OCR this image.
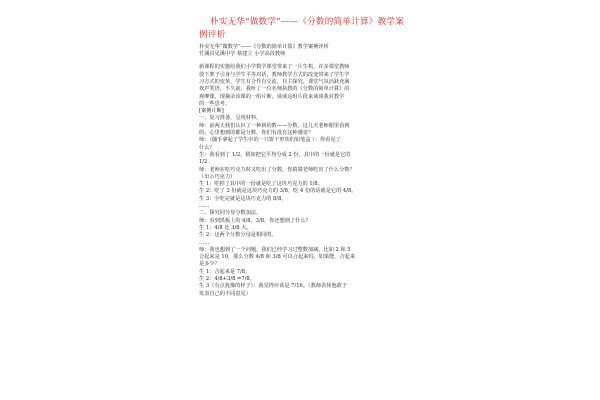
朴实无华“做数学”——《分数的简单计算》教学案例评析

朴实无华“做数学”——《分数的简单计算》教学案例评析

竹溪县见溪中学 蔡建立 小学高段教师

新课程的实施给我们小学数学课堂带来了一片生机，许多课堂教师

放下架子引身与学生平等对话，教师教学方式的改变带来了学生学

习方式的变革，学生有合作有交流，自主探究，课堂气氛活跃充满

欢声笑语，不久前，我听了一位名师执教的《分数的简单计算》的

观摩课，现摘录该课的一组片断，谈谈这组片段来谈谈我对教学

的一些思考。

[案例片断]

一、复习准备，呈现材料。

师：前两天我们认识了一种新的数——分数，这几天老师眼里看到

的，心里想到的都是分数，你们有没有这种感觉？

师：（随手拿起了学生中的一只饼干形状的铅笔盒 ）：你看见了

什么？

生：我看到了 1/2，假如把它平均分成 2 份，其中的一份就是它的

1/2 .

师：老师在吃巧克力时又吃出了分数，你猜猜老师吃出了什么分数？

（出示巧克力）

生 1：吃掉了其中的一份就是吃了这块巧克力的 1/8。

生 2：吃了 3 份就是这块巧克力的 3/8，吃 4 份的话就是它的 4/8。

生 3：全吃完就是这块巧克力的 8/8。

……

二、探究同分母分数加法。

师：看到黑板上的 4/8、3/8，你还想到了什么？

生 1：4/8 比 3/8 大。

生 2：这两个分数分母是相同的。

……

师：我也想到了一个问题，我们已经学习过整数加减，比如 2 和 5

合起来是 10，那么分数 4/8 和 3/8 可以合起来吗，如果能，合起来

是多少？

生 1：合起来是 7/8。

生 2：4/8+3/8 =7/8。

生 3（有点犹豫的样子）：我觉得应该是 7/16。（教师表扬他敢于

发表自己的不同意见）
